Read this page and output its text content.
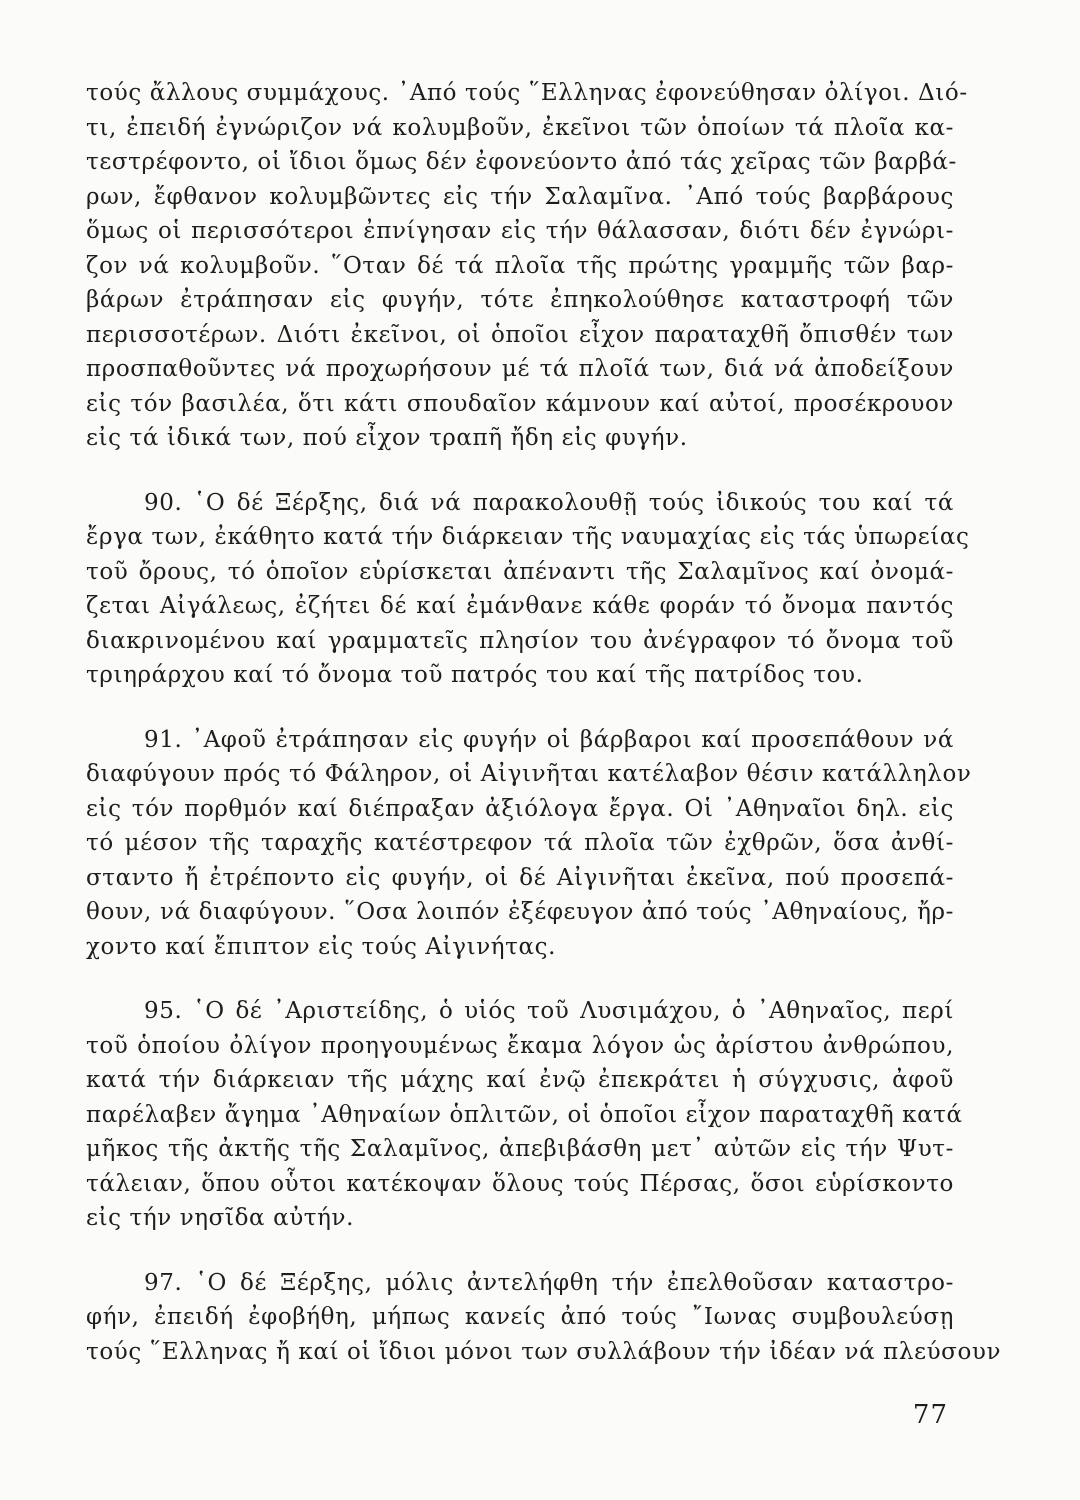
τούς ἄλλους συμμάχους. ᾿Από τούς ῞Ελληνας ἐφονεύθησαν ὀλίγοι. Διό-
τι, ἐπειδή ἐγνώριζον νά κολυμβοῦν, ἐκεῖνοι τῶν ὁποίων τά πλοῖα κα-
τεστρέφοντο, οἱ ἴδιοι ὅμως δέν ἐφονεύοντο ἀπό τάς χεῖρας τῶν βαρβά-
ρων, ἔφθανον κολυμβῶντες εἰς τήν Σαλαμῖνα. ᾿Από τούς βαρβάρους
ὅμως οἱ περισσότεροι ἐπνίγησαν εἰς τήν θάλασσαν, διότι δέν ἐγνώρι-
ζον νά κολυμβοῦν. ῞Οταν δέ τά πλοῖα τῆς πρώτης γραμμῆς τῶν βαρ-
βάρων ἐτράπησαν εἰς φυγήν, τότε ἐπηκολούθησε καταστροφή τῶν
περισσοτέρων. Διότι ἐκεῖνοι, οἱ ὁποῖοι εἶχον παραταχθῆ ὄπισθέν των
προσπαθοῦντες νά προχωρήσουν μέ τά πλοῖά των, διά νά ἀποδείξουν
εἰς τόν βασιλέα, ὅτι κάτι σπουδαῖον κάμνουν καί αὐτοί, προσέκρουον
εἰς τά ἰδικά των, πού εἶχον τραπῆ ἤδη εἰς φυγήν.
90. ῾Ο δέ Ξέρξης, διά νά παρακολουθῇ τούς ἰδικούς του καί τά
ἔργα των, ἐκάθητο κατά τήν διάρκειαν τῆς ναυμαχίας εἰς τάς ὑπωρείας
τοῦ ὄρους, τό ὁποῖον εὑρίσκεται ἀπέναντι τῆς Σαλαμῖνος καί ὀνομά-
ζεται Αἰγάλεως, ἐζήτει δέ καί ἐμάνθανε κάθε φοράν τό ὄνομα παντός
διακρινομένου καί γραμματεῖς πλησίον του ἀνέγραφον τό ὄνομα τοῦ
τριηράρχου καί τό ὄνομα τοῦ πατρός του καί τῆς πατρίδος του.
91. ᾿Αφοῦ ἐτράπησαν εἰς φυγήν οἱ βάρβαροι καί προσεπάθουν νά
διαφύγουν πρός τό Φάληρον, οἱ Αἰγινῆται κατέλαβον θέσιν κατάλληλον
εἰς τόν πορθμόν καί διέπραξαν ἀξιόλογα ἔργα. Οἱ ᾿Αθηναῖοι δηλ. εἰς
τό μέσον τῆς ταραχῆς κατέστρεφον τά πλοῖα τῶν ἐχθρῶν, ὅσα ἀνθί-
σταντο ἤ ἐτρέποντο εἰς φυγήν, οἱ δέ Αἰγινῆται ἐκεῖνα, πού προσεπά-
θουν, νά διαφύγουν. ῞Οσα λοιπόν ἐξέφευγον ἀπό τούς ᾿Αθηναίους, ἤρ-
χοντο καί ἔπιπτον εἰς τούς Αἰγινήτας.
95. ῾Ο δέ ᾿Αριστείδης, ὁ υἱός τοῦ Λυσιμάχου, ὁ ᾿Αθηναῖος, περί
τοῦ ὁποίου ὀλίγον προηγουμένως ἔκαμα λόγον ὡς ἀρίστου ἀνθρώπου,
κατά τήν διάρκειαν τῆς μάχης καί ἐνῷ ἐπεκράτει ἡ σύγχυσις, ἀφοῦ
παρέλαβεν ἄγημα ᾿Αθηναίων ὁπλιτῶν, οἱ ὁποῖοι εἶχον παραταχθῆ κατά
μῆκος τῆς ἀκτῆς τῆς Σαλαμῖνος, ἀπεβιβάσθη μετ᾿ αὐτῶν εἰς τήν Ψυτ-
τάλειαν, ὅπου οὗτοι κατέκοψαν ὅλους τούς Πέρσας, ὅσοι εὑρίσκοντο
εἰς τήν νησῖδα αὐτήν.
97. ῾Ο δέ Ξέρξης, μόλις ἀντελήφθη τήν ἐπελθοῦσαν καταστρο-
φήν, ἐπειδή ἐφοβήθη, μήπως κανείς ἀπό τούς ῎Ιωνας συμβουλεύσῃ
τούς ῞Ελληνας ἤ καί οἱ ἴδιοι μόνοι των συλλάβουν τήν ἰδέαν νά πλεύσουν
77
